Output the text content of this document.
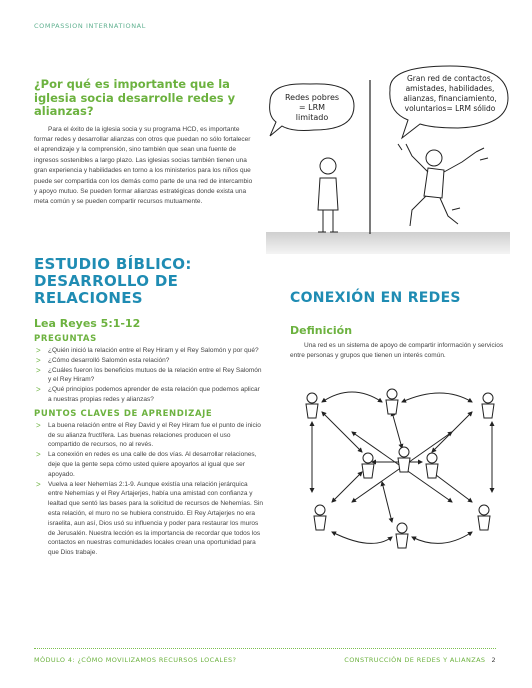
COMPASSION INTERNATIONAL
¿Por qué es importante que la iglesia socia desarrolle redes y alianzas?

Para el éxito de la iglesia socia y su programa HCD, es importante formar redes y desarrollar alianzas con otros que puedan no sólo fortalecer el aprendizaje y la comprensión, sino también que sean una fuente de ingresos sostenibles a largo plazo. Las iglesias socias también tienen una gran experiencia y habilidades en torno a los ministerios para los niños que puede ser compartida con los demás como parte de una red de intercambio y apoyo mutuo. Se pueden formar alianzas estratégicas donde exista una meta común y se pueden compartir recursos mutuamente.

Redes pobres
= LRM
limitado
Gran red de contactos,
amistades, habilidades,
alianzas, financiamiento,
voluntarios= LRM sólido
ESTUDIO BÍBLICO:
DESARROLLO DE RELACIONES
Lea Reyes 5:1-12
PREGUNTAS
> ¿Quién inició la relación entre el Rey Hiram y el Rey Salomón y por qué?
> ¿Cómo desarrolló Salomón esta relación?
> ¿Cuáles fueron los beneficios mutuos de la relación entre el Rey Salomón y el Rey Hiram?
> ¿Qué principios podemos aprender de esta relación que podemos aplicar a nuestras propias redes y alianzas?
PUNTOS CLAVES DE APRENDIZAJE
> La buena relación entre el Rey David y el Rey Hiram fue el punto de inicio de su alianza fructífera. Las buenas relaciones producen el uso compartido de recursos, no al revés.
> La conexión en redes es una calle de dos vías. Al desarrollar relaciones, deje que la gente sepa cómo usted quiere apoyarlos al igual que ser apoyado.
> Vuelva a leer Nehemías 2:1-9. Aunque existía una relación jerárquica entre Nehemías y el Rey Artajerjes, había una amistad con confianza y lealtad que sentó las bases para la solicitud de recursos de Nehemías. Sin esta relación, el muro no se hubiera construido. El Rey Artajerjes no era israelita, aun así, Dios usó su influencia y poder para restaurar los muros de Jerusalén. Nuestra lección es la importancia de recordar que todos los contactos en nuestras comunidades locales crean una oportunidad para que Dios trabaje.
CONEXIÓN EN REDES
Definición

Una red es un sistema de apoyo de compartir información y servicios entre personas y grupos que tienen un interés común.

MÓDULO 4: ¿CÓMO MOVILIZAMOS RECURSOS LOCALES?	CONSTRUCCIÓN DE REDES Y ALIANZAS 2
